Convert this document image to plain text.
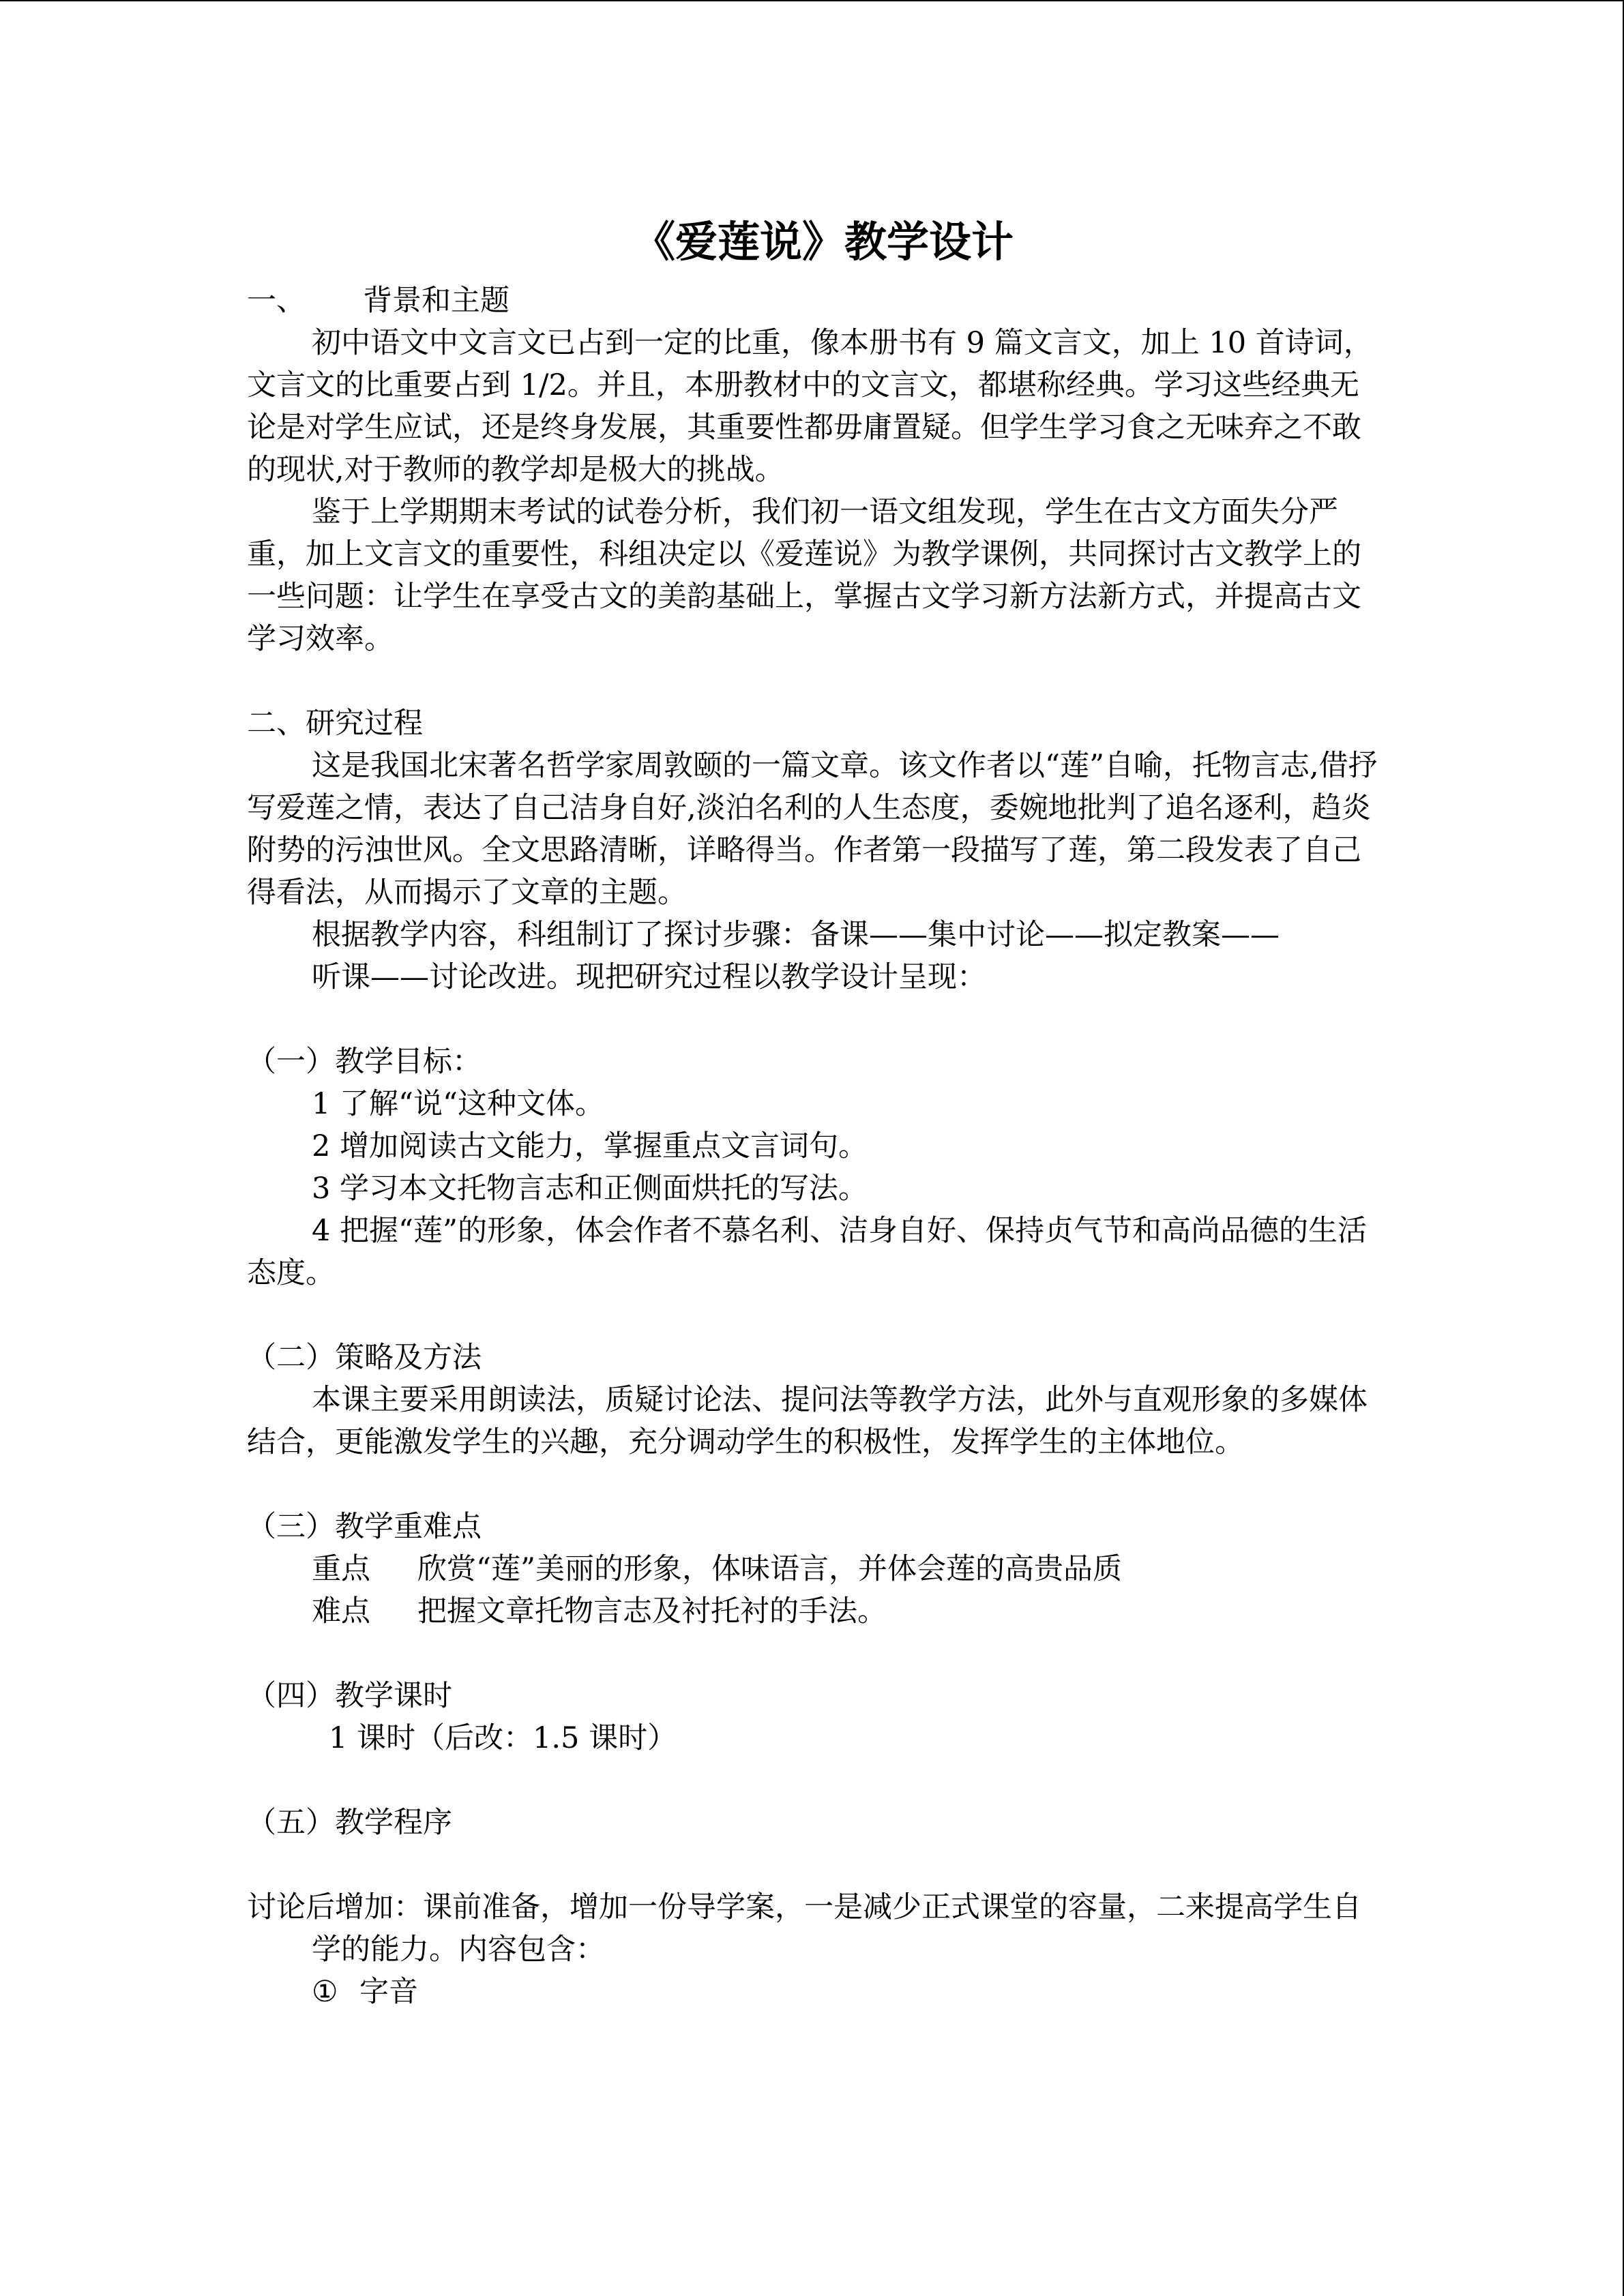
《爱莲说》教学设计

一、 背景和主题

初中语文中文言文已占到一定的比重，像本册书有 9 篇文言文，加上 10 首诗词，文言文的比重要占到 1/2。并且，本册教材中的文言文，都堪称经典。学习这些经典无论是对学生应试，还是终身发展，其重要性都毋庸置疑。但学生学习食之无味弃之不敢的现状,对于教师的教学却是极大的挑战。

鉴于上学期期末考试的试卷分析，我们初一语文组发现，学生在古文方面失分严重，加上文言文的重要性，科组决定以《爱莲说》为教学课例，共同探讨古文教学上的一些问题：让学生在享受古文的美韵基础上，掌握古文学习新方法新方式，并提高古文学习效率。

二、研究过程

这是我国北宋著名哲学家周敦颐的一篇文章。该文作者以“莲”自喻，托物言志,借抒写爱莲之情，表达了自己洁身自好,淡泊名利的人生态度，委婉地批判了追名逐利，趋炎附势的污浊世风。全文思路清晰，详略得当。作者第一段描写了莲，第二段发表了自己得看法，从而揭示了文章的主题。

根据教学内容，科组制订了探讨步骤：备课——集中讨论——拟定教案——

听课——讨论改进。现把研究过程以教学设计呈现：

（一）教学目标：

1 了解“说“这种文体。

2 增加阅读古文能力，掌握重点文言词句。

3 学习本文托物言志和正侧面烘托的写法。

4 把握“莲”的形象，体会作者不慕名利、洁身自好、保持贞气节和高尚品德的生活态度。

（二）策略及方法

本课主要采用朗读法，质疑讨论法、提问法等教学方法，此外与直观形象的多媒体结合，更能激发学生的兴趣，充分调动学生的积极性，发挥学生的主体地位。

（三）教学重难点

重点 欣赏“莲”美丽的形象，体味语言，并体会莲的高贵品质

难点 把握文章托物言志及衬托衬的手法。

（四）教学课时

1 课时（后改：1.5 课时）

（五）教学程序

讨论后增加：课前准备，增加一份导学案，一是减少正式课堂的容量，二来提高学生自学的能力。内容包含：

① 字音
